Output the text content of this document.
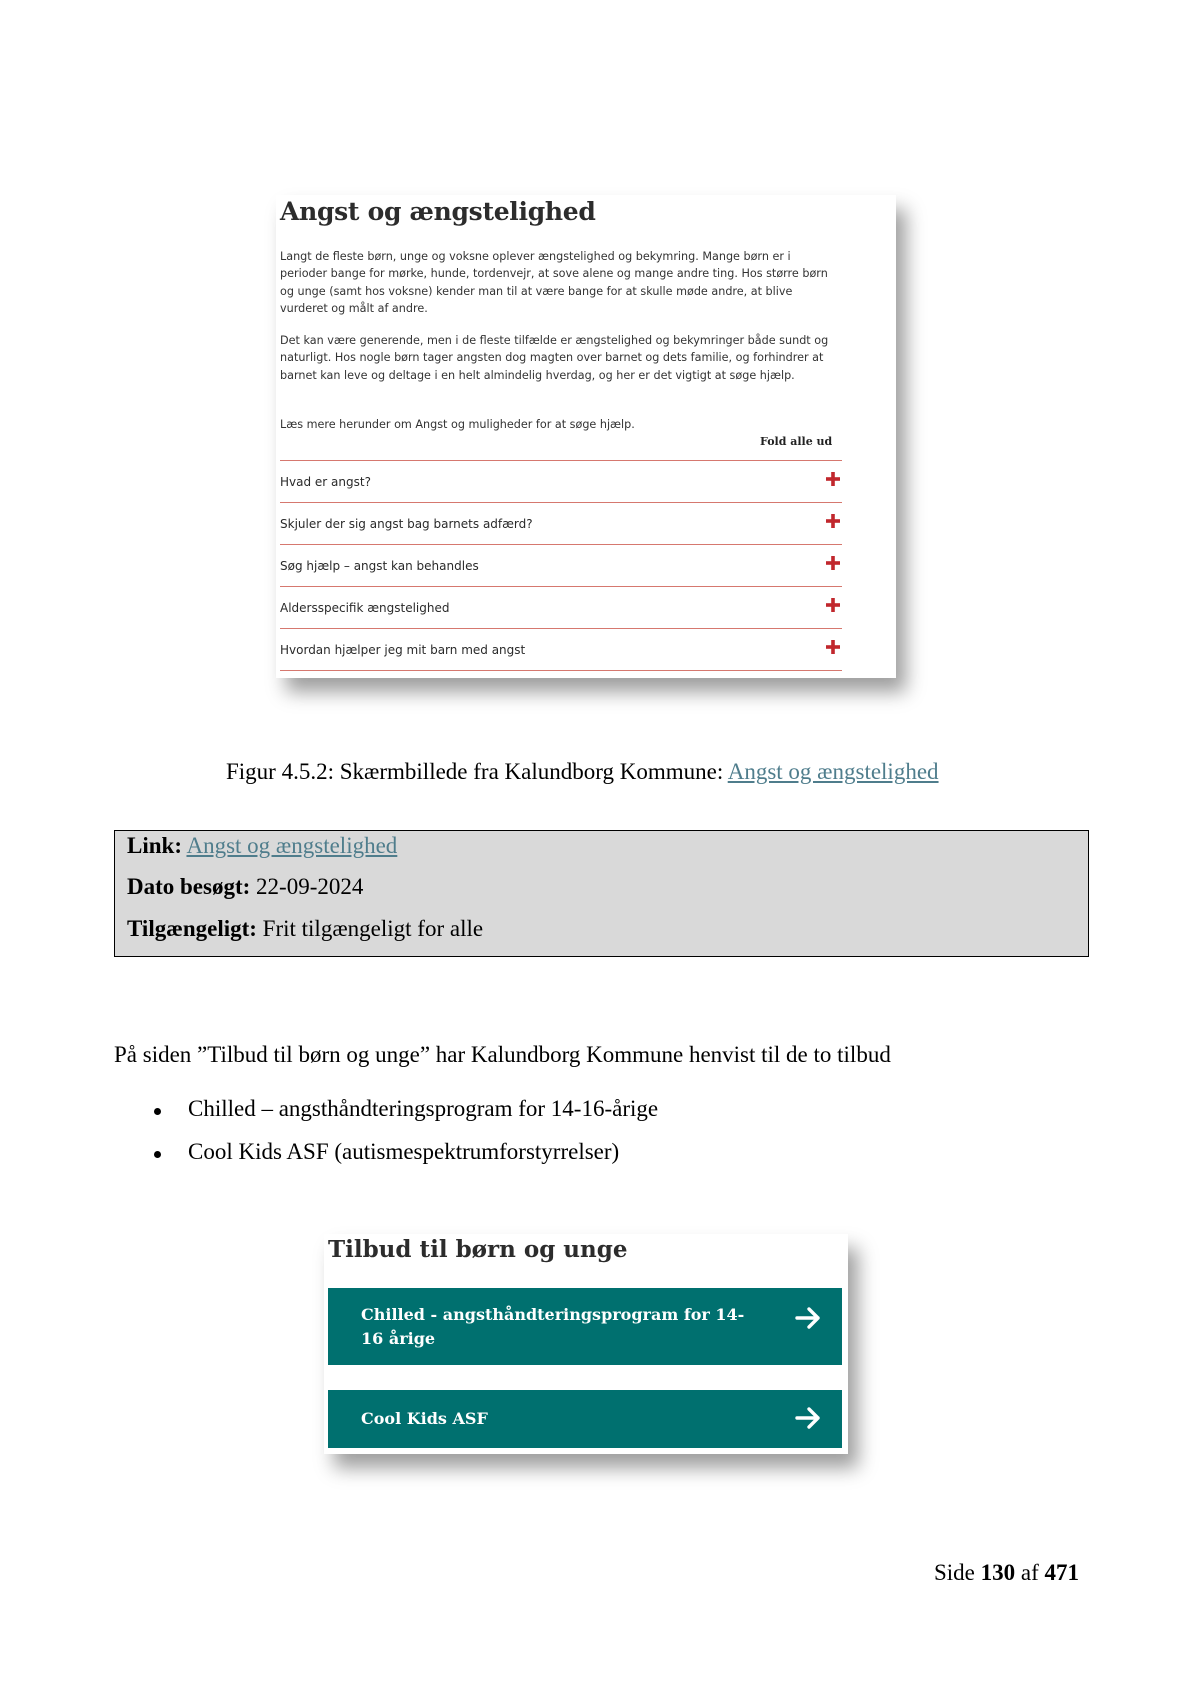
Angst og ængstelighed

Langt de fleste børn, unge og voksne oplever ængstelighed og bekymring. Mange børn er i perioder bange for mørke, hunde, tordenvejr, at sove alene og mange andre ting. Hos større børn og unge (samt hos voksne) kender man til at være bange for at skulle møde andre, at blive vurderet og målt af andre.

Det kan være generende, men i de fleste tilfælde er ængstelighed og bekymringer både sundt og naturligt. Hos nogle børn tager angsten dog magten over barnet og dets familie, og forhindrer at barnet kan leve og deltage i en helt almindelig hverdag, og her er det vigtigt at søge hjælp.

Læs mere herunder om Angst og muligheder for at søge hjælp.

Fold alle ud
Hvad er angst?
Skjuler der sig angst bag barnets adfærd?
Søg hjælp – angst kan behandles
Aldersspecifik ængstelighed
Hvordan hjælper jeg mit barn med angst
Figur 4.5.2: Skærmbillede fra Kalundborg Kommune: Angst og ængstelighed
Link: Angst og ængstelighed
Dato besøgt: 22-09-2024
Tilgængeligt: Frit tilgængeligt for alle
På siden ”Tilbud til børn og unge” har Kalundborg Kommune henvist til de to tilbud
Chilled – angsthåndteringsprogram for 14-16-årige
Cool Kids ASF (autismespektrumforstyrrelser)
Tilbud til børn og unge
Chilled - angsthåndteringsprogram for 14-16 årige
Cool Kids ASF
Side 130 af 471
